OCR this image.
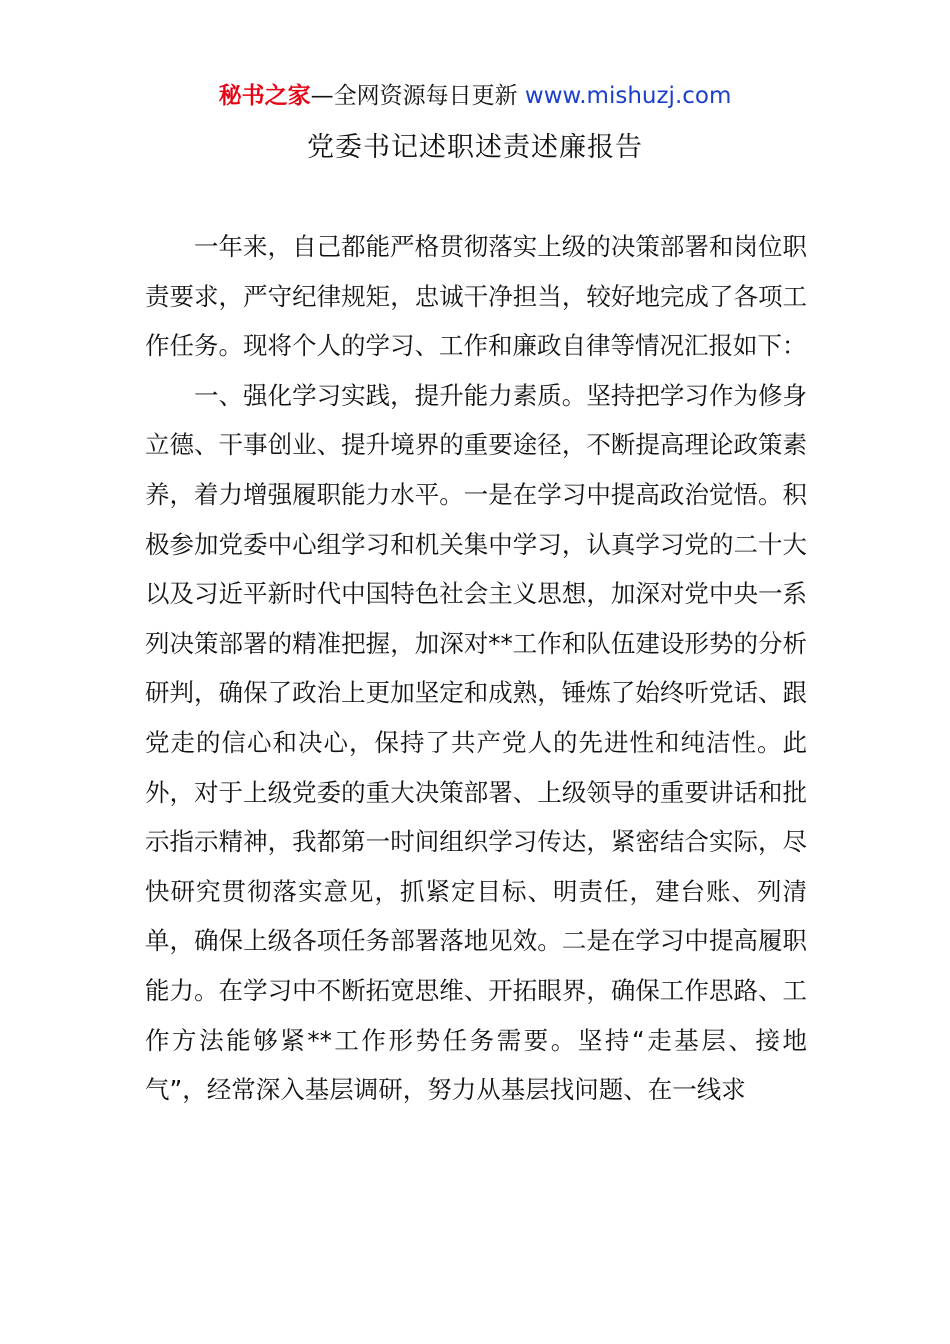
秘书之家—全网资源每日更新 www.mishuzj.com
党委书记述职述责述廉报告

一年来，自己都能严格贯彻落实上级的决策部署和岗位职责要求，严守纪律规矩，忠诚干净担当，较好地完成了各项工作任务。现将个人的学习、工作和廉政自律等情况汇报如下：

一、强化学习实践，提升能力素质。坚持把学习作为修身立德、干事创业、提升境界的重要途径，不断提高理论政策素养，着力增强履职能力水平。一是在学习中提高政治觉悟。积极参加党委中心组学习和机关集中学习，认真学习党的二十大以及习近平新时代中国特色社会主义思想，加深对党中央一系列决策部署的精准把握，加深对**工作和队伍建设形势的分析研判，确保了政治上更加坚定和成熟，锤炼了始终听党话、跟党走的信心和决心，保持了共产党人的先进性和纯洁性。此外，对于上级党委的重大决策部署、上级领导的重要讲话和批示指示精神，我都第一时间组织学习传达，紧密结合实际，尽快研究贯彻落实意见，抓紧定目标、明责任，建台账、列清单，确保上级各项任务部署落地见效。二是在学习中提高履职能力。在学习中不断拓宽思维、开拓眼界，确保工作思路、工作方法能够紧**工作形势任务需要。坚持“走基层、接地气”，经常深入基层调研，努力从基层找问题、在一线求
